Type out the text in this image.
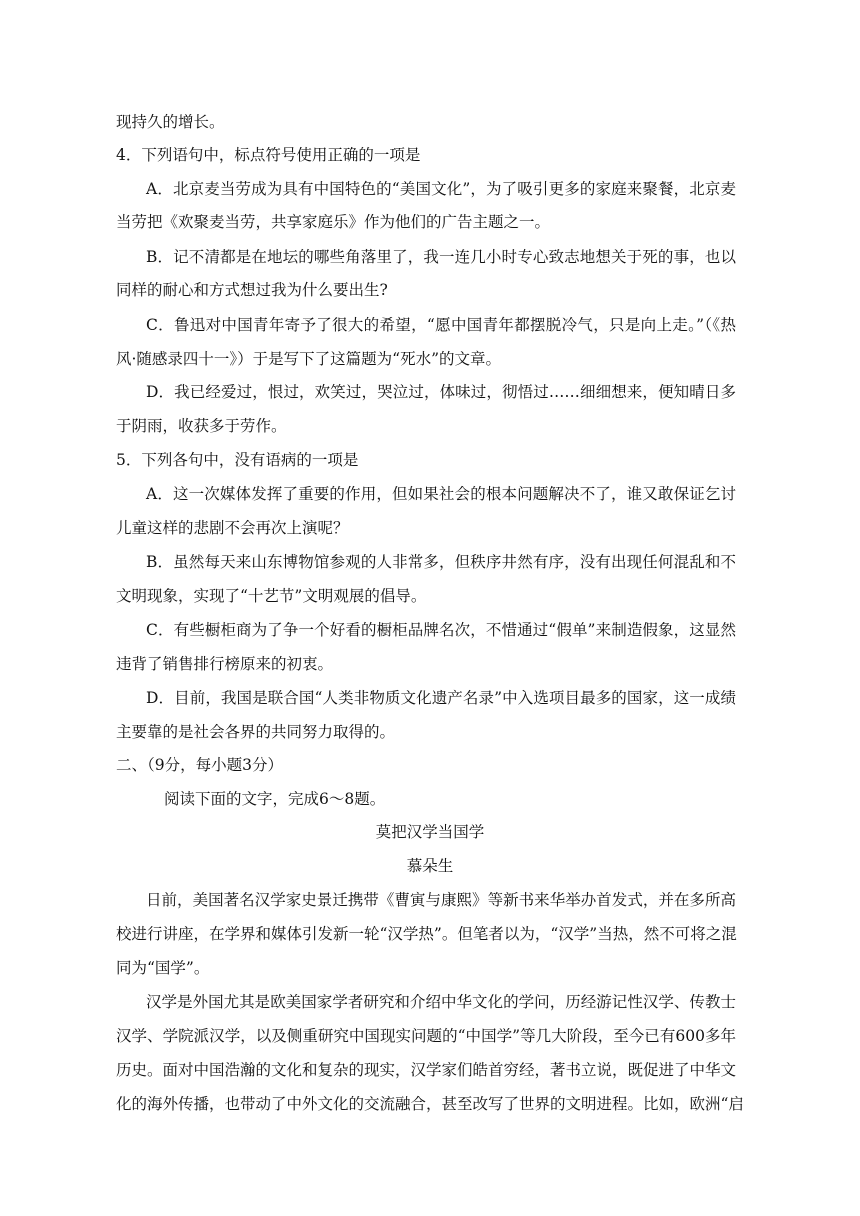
现持久的增长。
4．下列语句中，标点符号使用正确的一项是
A．北京麦当劳成为具有中国特色的“美国文化”，为了吸引更多的家庭来聚餐，北京麦
当劳把《欢聚麦当劳，共享家庭乐》作为他们的广告主题之一。
B．记不清都是在地坛的哪些角落里了，我一连几小时专心致志地想关于死的事，也以
同样的耐心和方式想过我为什么要出生?
C．鲁迅对中国青年寄予了很大的希望，“愿中国青年都摆脱冷气，只是向上走。”（《热
风·随感录四十一》）于是写下了这篇题为“死水”的文章。
D．我已经爱过，恨过，欢笑过，哭泣过，体味过，彻悟过……细细想来，便知晴日多
于阴雨，收获多于劳作。
5．下列各句中，没有语病的一项是
A．这一次媒体发挥了重要的作用，但如果社会的根本问题解决不了，谁又敢保证乞讨
儿童这样的悲剧不会再次上演呢？
B．虽然每天来山东博物馆参观的人非常多，但秩序井然有序，没有出现任何混乱和不
文明现象，实现了“十艺节”文明观展的倡导。
C．有些橱柜商为了争一个好看的橱柜品牌名次，不惜通过“假单”来制造假象，这显然
违背了销售排行榜原来的初衷。
D．目前，我国是联合国“人类非物质文化遗产名录”中入选项目最多的国家，这一成绩
主要靠的是社会各界的共同努力取得的。
二、（9分，每小题3分）
阅读下面的文字，完成6～8题。
莫把汉学当国学
慕朵生
日前，美国著名汉学家史景迁携带《曹寅与康熙》等新书来华举办首发式，并在多所高
校进行讲座，在学界和媒体引发新一轮“汉学热”。但笔者以为，“汉学”当热，然不可将之混
同为“国学”。
汉学是外国尤其是欧美国家学者研究和介绍中华文化的学问，历经游记性汉学、传教士
汉学、学院派汉学，以及侧重研究中国现实问题的“中国学”等几大阶段，至今已有600多年
历史。面对中国浩瀚的文化和复杂的现实，汉学家们皓首穷经，著书立说，既促进了中华文
化的海外传播，也带动了中外文化的交流融合，甚至改写了世界的文明进程。比如，欧洲“启
